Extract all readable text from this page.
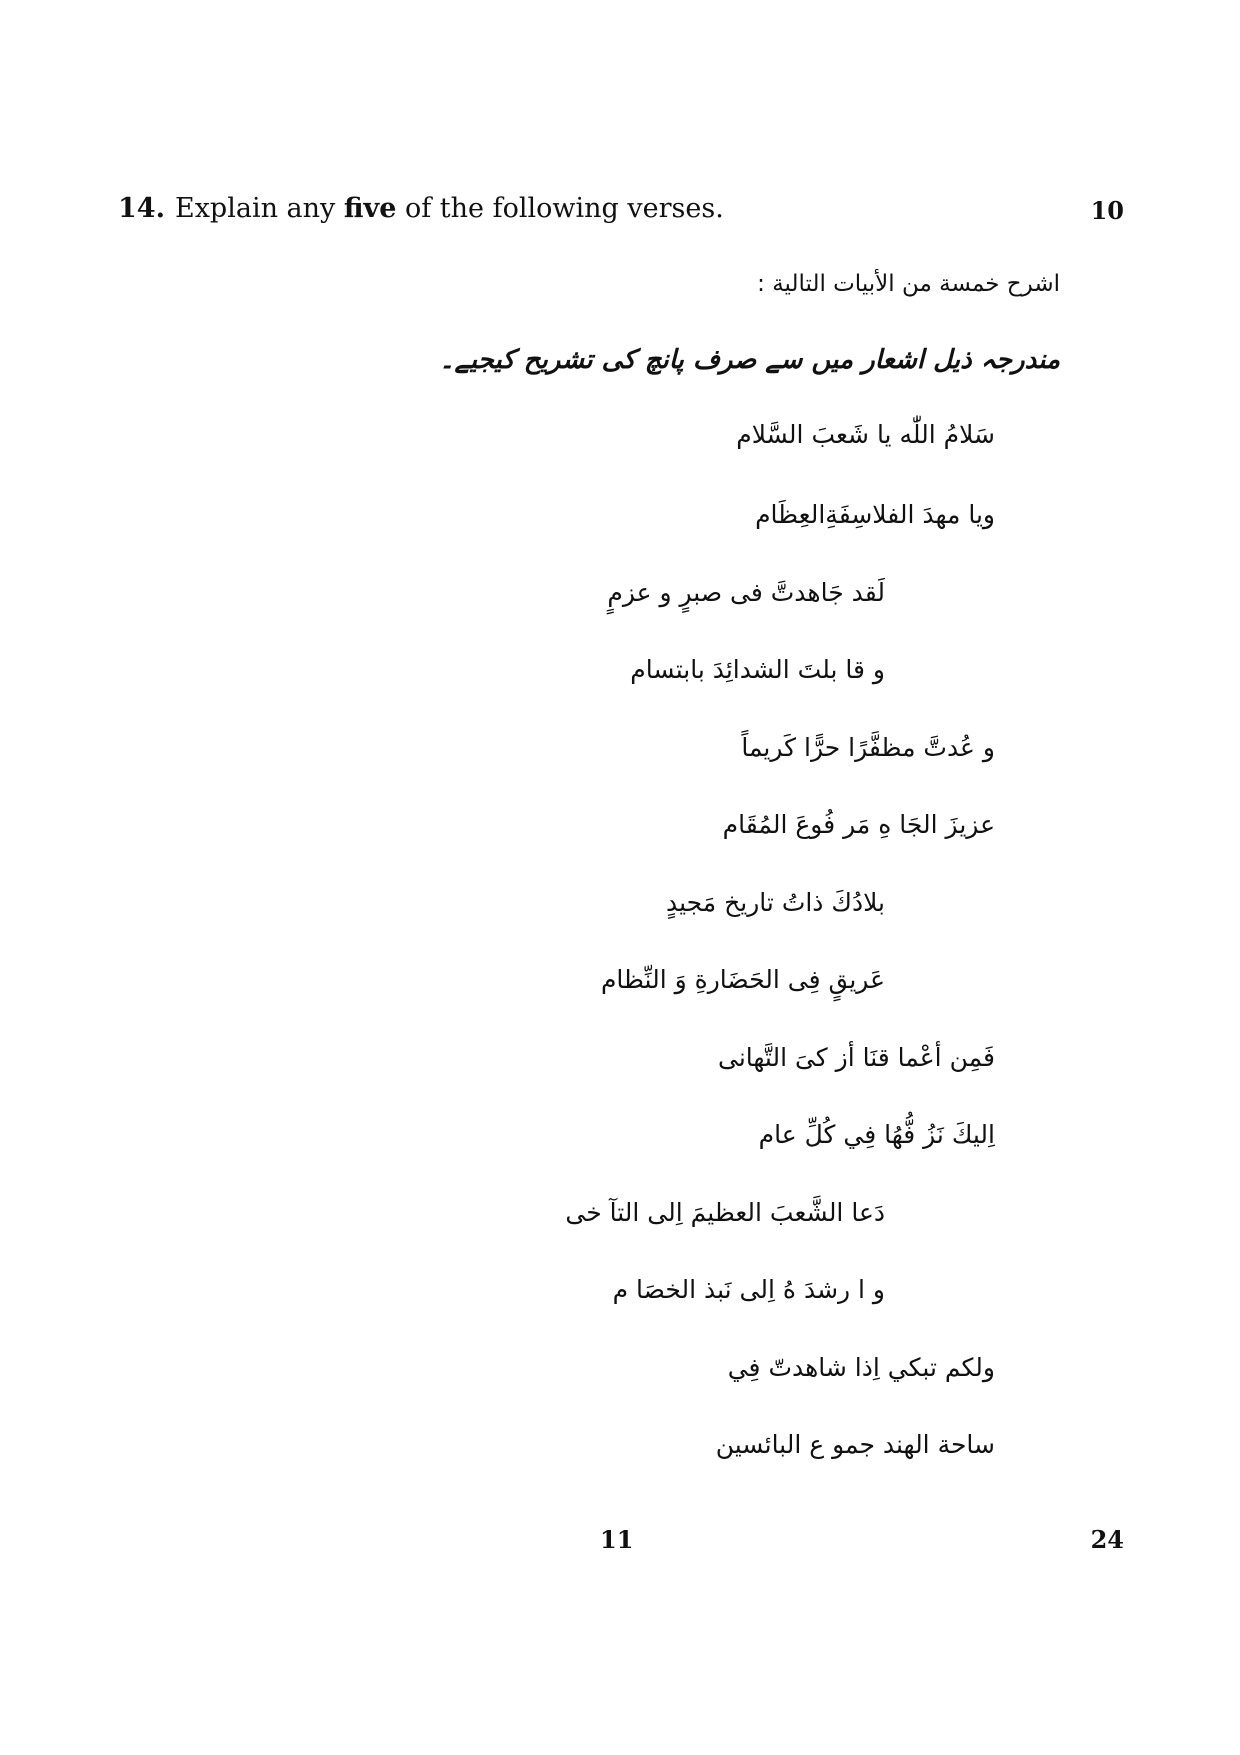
14. Explain any five of the following verses.	10
اشرح خمسة من الأبيات التالية :
مندرجہ ذیل اشعار میں سے صرف پانچ کی تشریح کیجیے۔
سَلامُ اللّٰه يا شَعبَ السَّلام
ويا مهدَ الفلاسِفَةِالعِظَام
لَقد جَاهدتَّ فى صبرٍ و عزمٍ
و قا بلتَ الشدائِدَ بابتسام
و عُدتَّ مظفَّرًا حرًّا كَريماً
عزيزَ الجَا هِ مَر فُوعَ المُقَام
بلادُكَ ذاتُ تاريخ مَجيدٍ
عَريقٍ فِى الحَضَارةِ وَ النِّظام
فَمِن أعْما قنَا أز كىَ التَّهانى
اِليكَ نَزُ فُّهُا فِي كُلِّ عام
دَعا الشَّعبَ العظيمَ اِلى التآ خى
و ا رشدَ هُ اِلى نَبذ الخصَا م
ولكم تبكي اِذا شاهدتّ فِي
ساحة الهند جمو ع البائسين
11	24
